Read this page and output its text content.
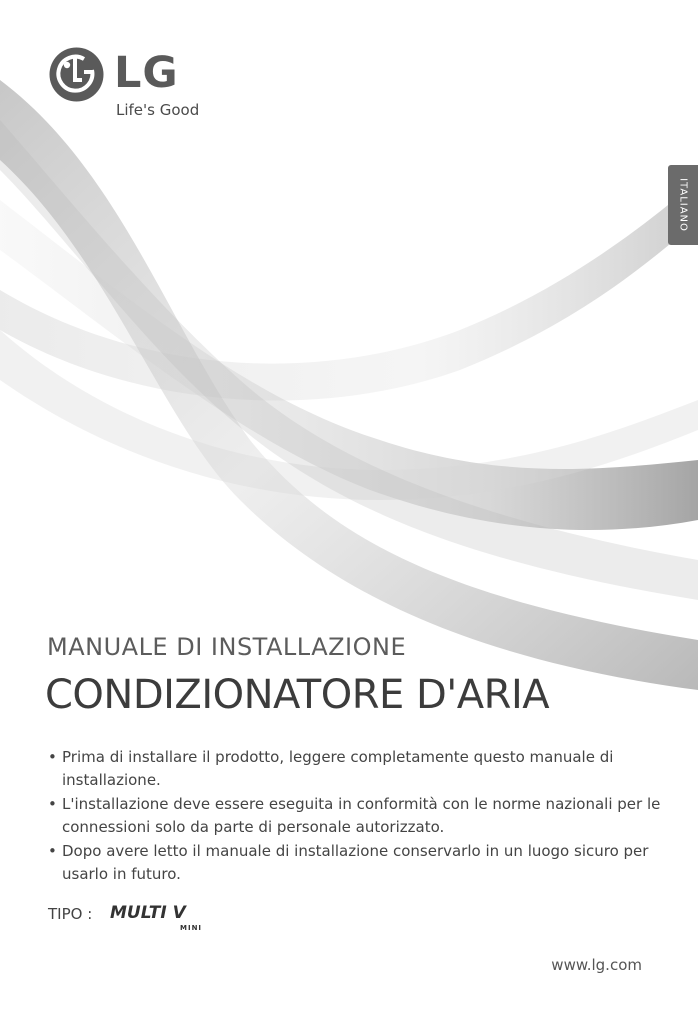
LG
Life's Good
ITALIANO
MANUALE DI INSTALLAZIONE
CONDIZIONATORE D'ARIA
• Prima di installare il prodotto, leggere completamente questo manuale di installazione.
• L'installazione deve essere eseguita in conformità con le norme nazionali per le connessioni solo da parte di personale autorizzato.
• Dopo avere letto il manuale di installazione conservarlo in un luogo sicuro per usarlo in futuro.
TIPO : MULTI V
MINI
www.lg.com
